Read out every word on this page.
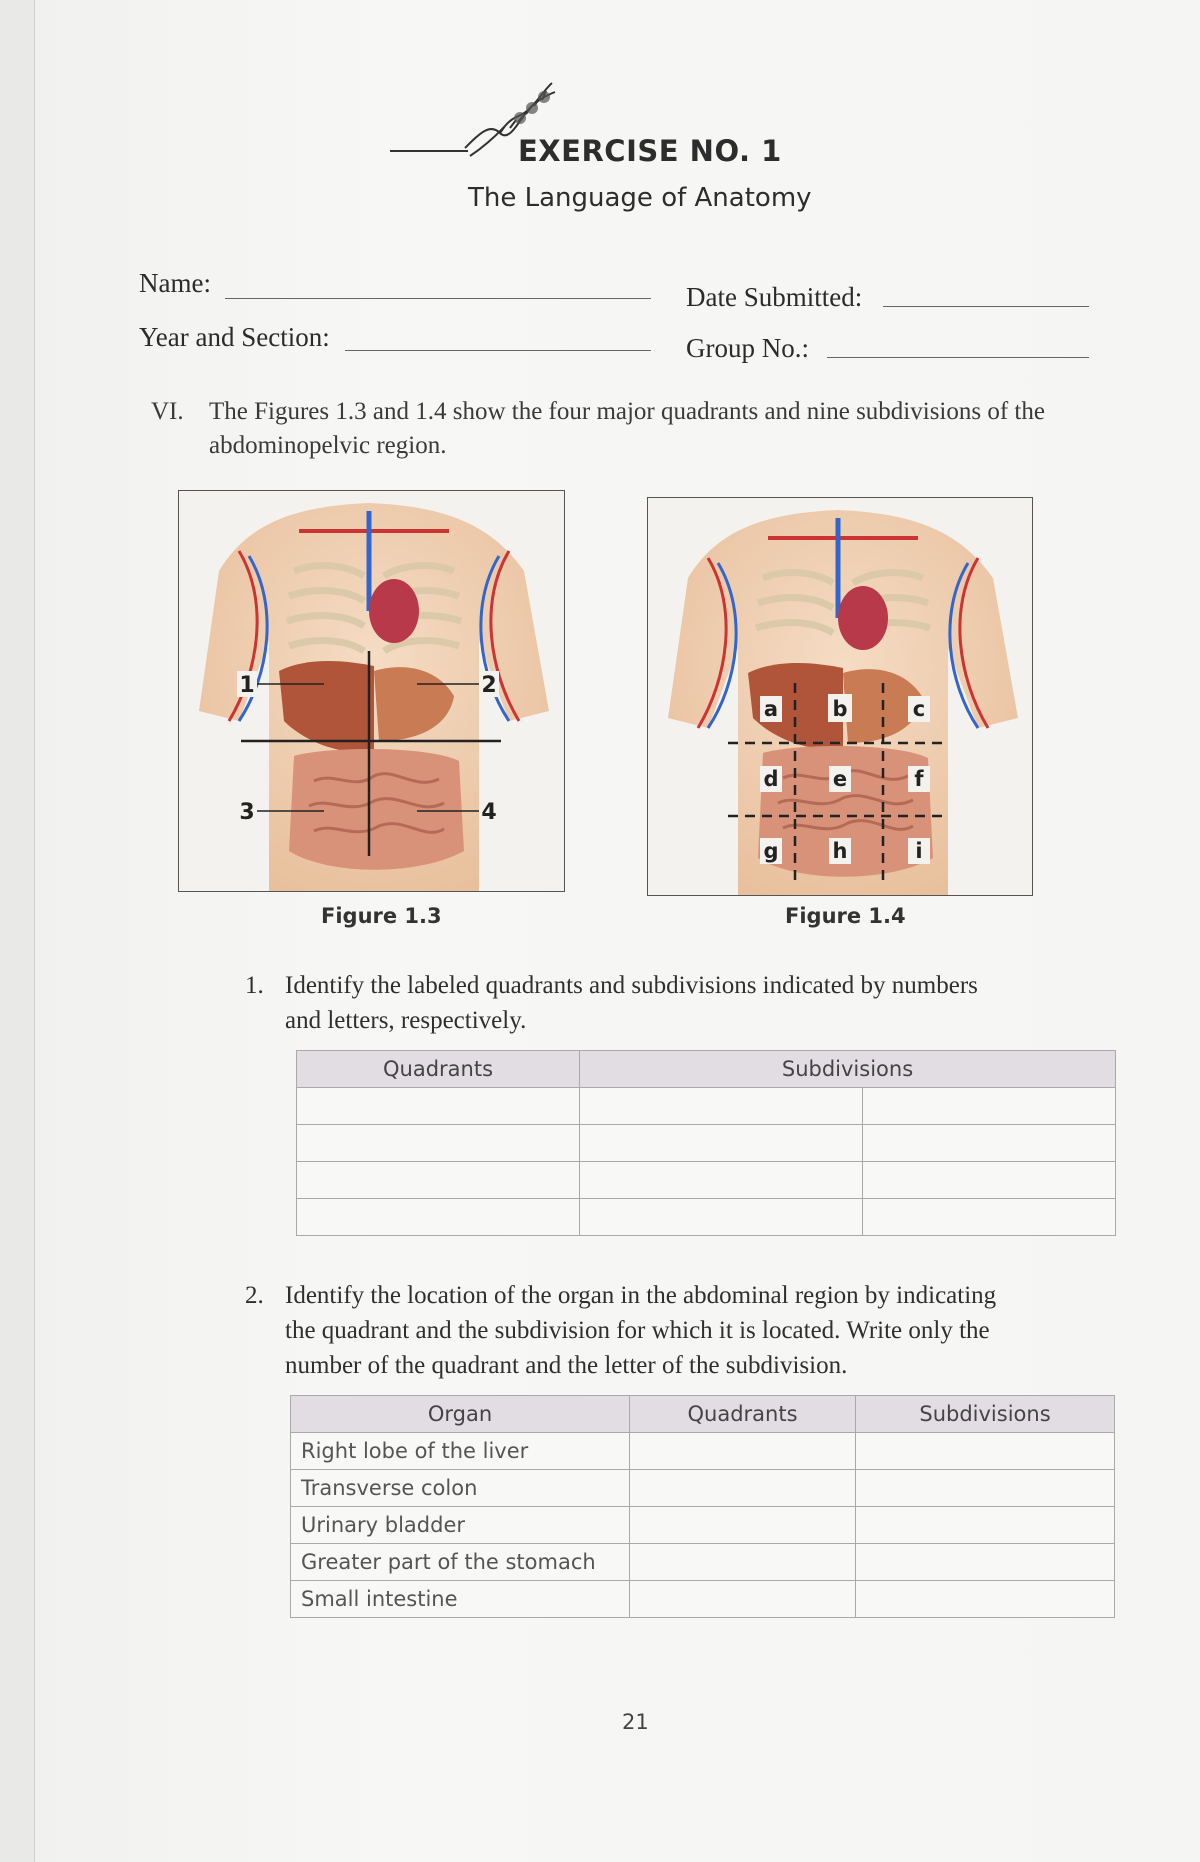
EXERCISE NO. 1
The Language of Anatomy
Name:
Year and Section:
Date Submitted:
Group No.:
VI. The Figures 1.3 and 1.4 show the four major quadrants and nine subdivisions of the abdominopelvic region.
1	2
3	4
Figure 1.3
a	b	c
d	e	f
g	h	i
Figure 1.4
1. Identify the labeled quadrants and subdivisions indicated by numbers
and letters, respectively.
Quadrants	Subdivisions	

2. Identify the location of the organ in the abdominal region by indicating
the quadrant and the subdivision for which it is located. Write only the
number of the quadrant and the letter of the subdivision.
Organ	Quadrants	Subdivisions
Right lobe of the liver		
Transverse colon		
Urinary bladder		
Greater part of the stomach		
Small intestine		
21
